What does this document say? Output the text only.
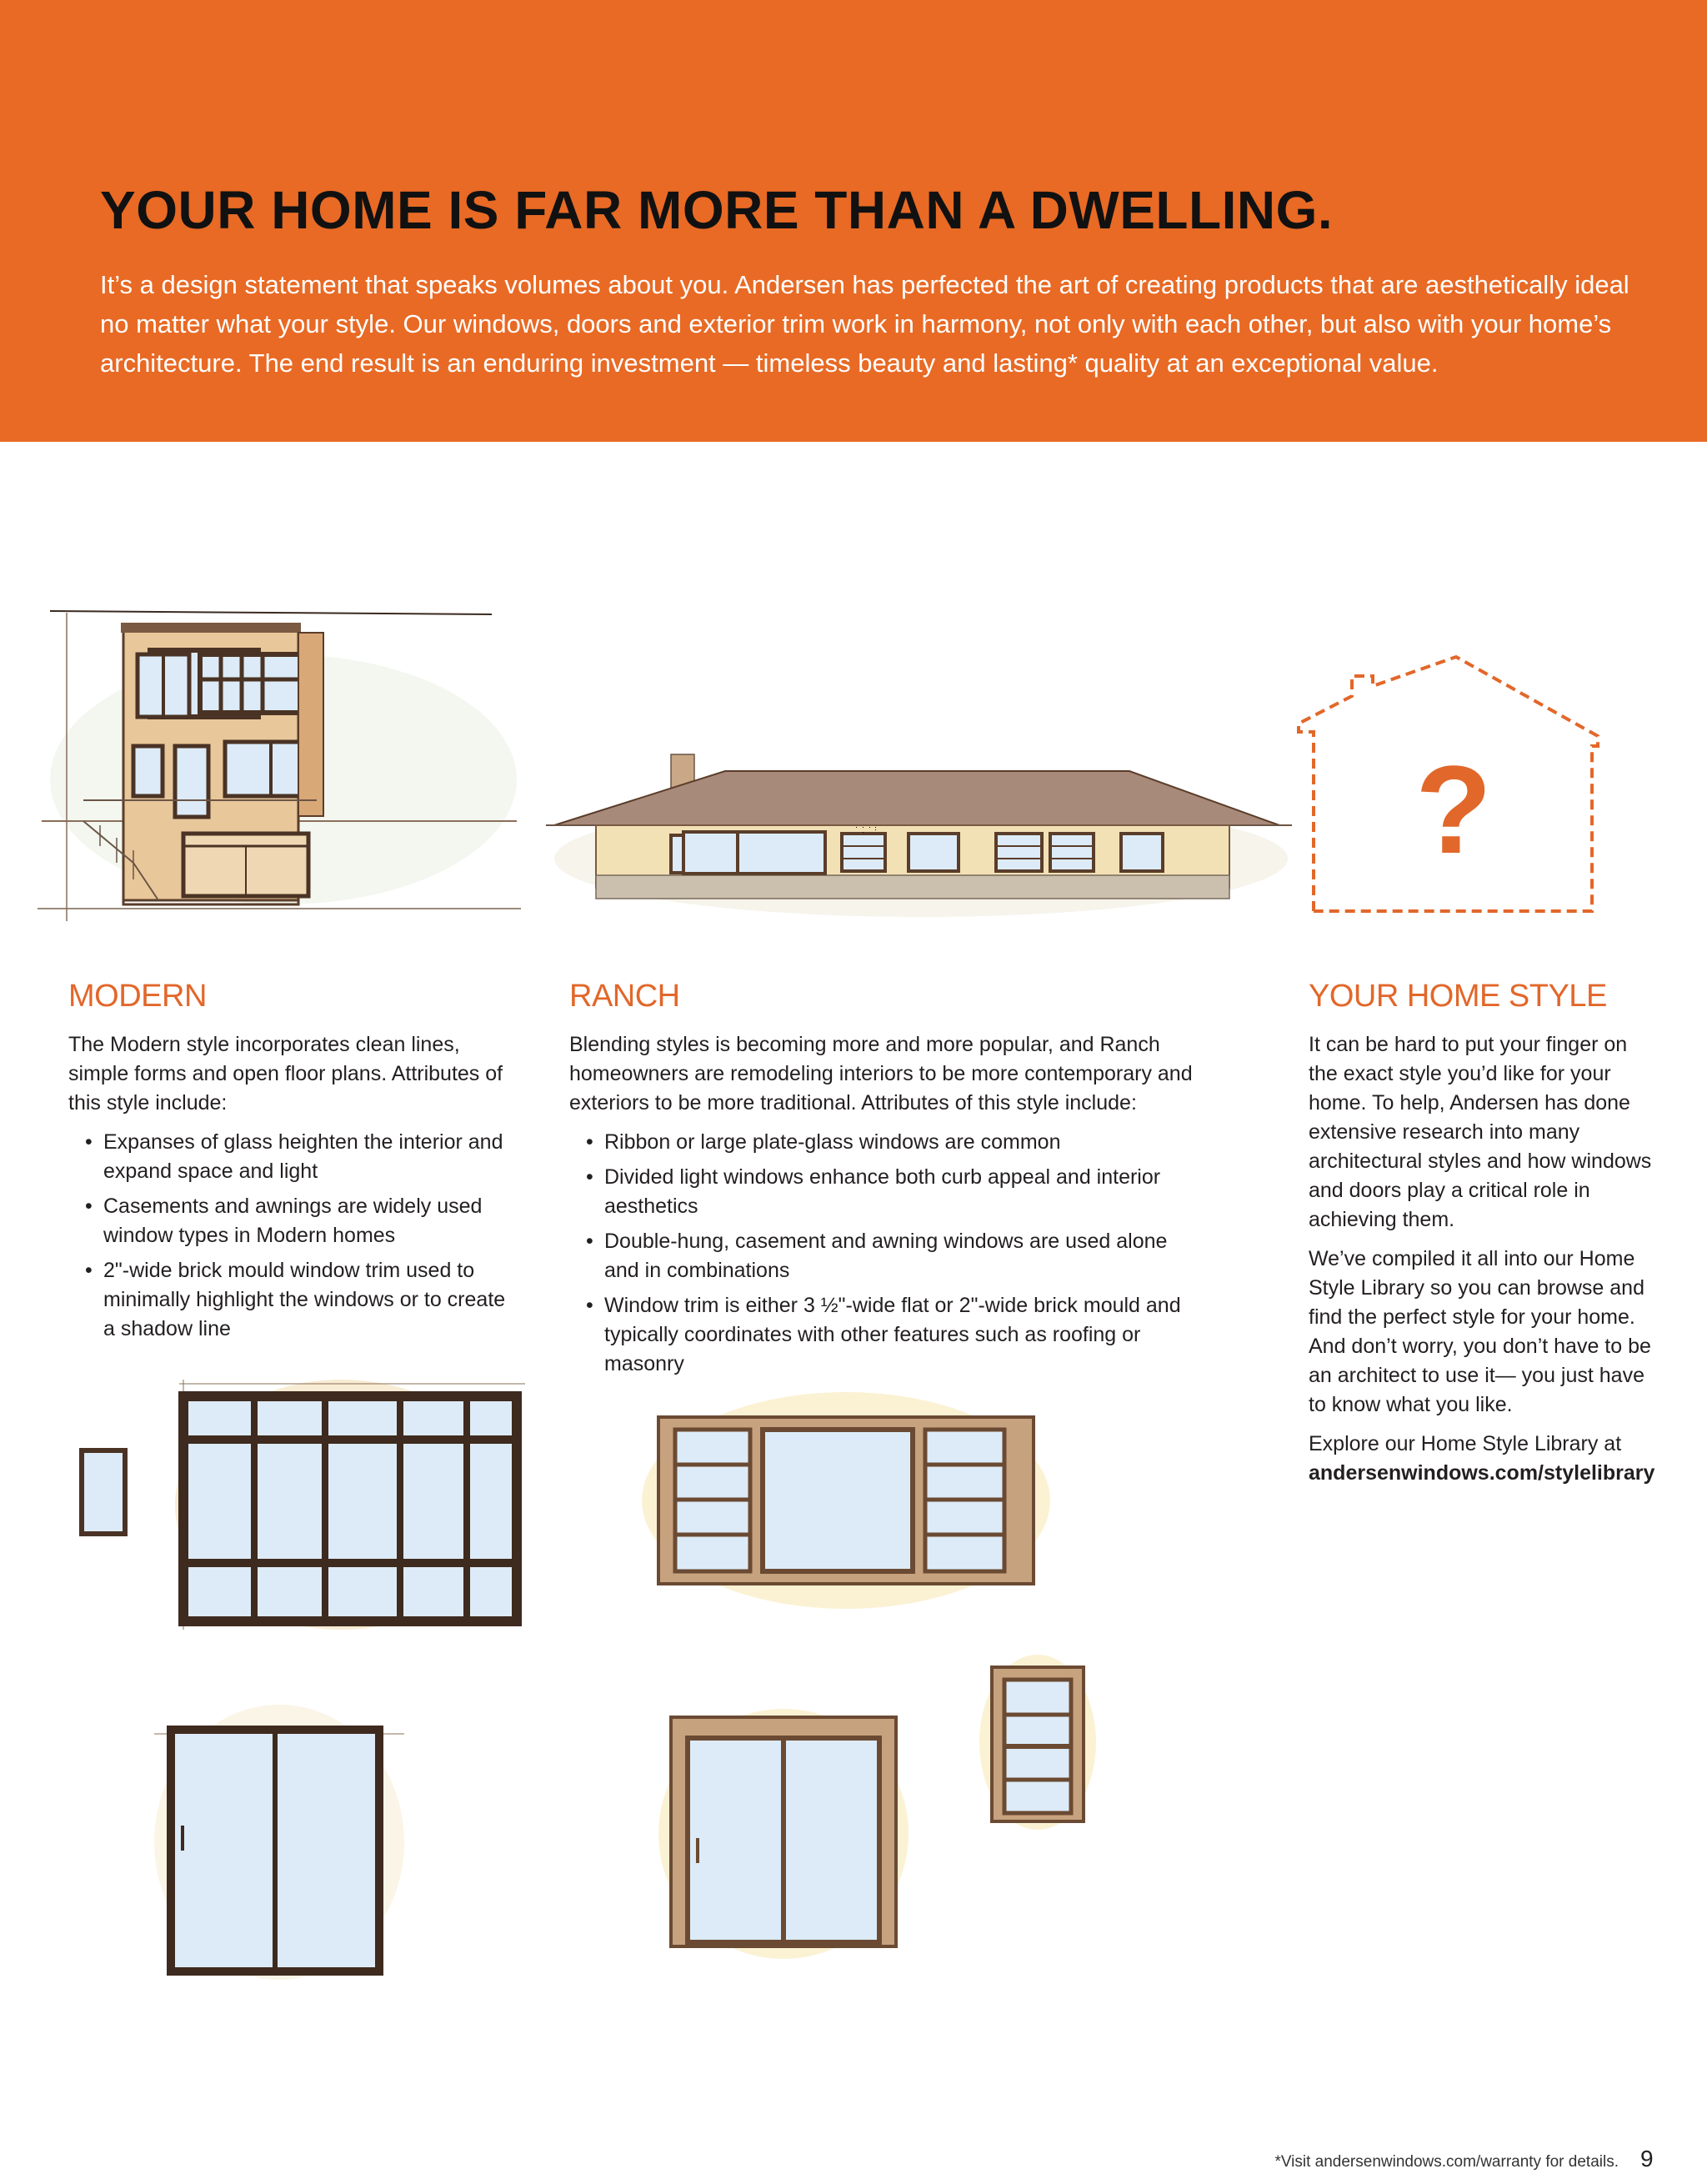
YOUR HOME IS FAR MORE THAN A DWELLING.

It’s a design statement that speaks volumes about you. Andersen has perfected the art of creating products that are aesthetically ideal no matter what your style. Our windows, doors and exterior trim work in harmony, not only with each other, but also with your home’s architecture. The end result is an enduring investment — timeless beauty and lasting* quality at an exceptional value.

?
MODERN

The Modern style incorporates clean lines, simple forms and open floor plans. Attributes of this style include:

• Expanses of glass heighten the interior and expand space and light
• Casements and awnings are widely used window types in Modern homes
• 2"-wide brick mould window trim used to minimally highlight the windows or to create a shadow line
RANCH

Blending styles is becoming more and more popular, and Ranch homeowners are remodeling interiors to be more contemporary and exteriors to be more traditional. Attributes of this style include:

• Ribbon or large plate-glass windows are common
• Divided light windows enhance both curb appeal and interior aesthetics
• Double-hung, casement and awning windows are used alone and in combinations
• Window trim is either 3 ½"-wide flat or 2"-wide brick mould and typically coordinates with other features such as roofing or masonry
YOUR HOME STYLE

It can be hard to put your finger on the exact style you’d like for your home. To help, Andersen has done extensive research into many architectural styles and how windows and doors play a critical role in achieving them.

We’ve compiled it all into our Home Style Library so you can browse and find the perfect style for your home. And don’t worry, you don’t have to be an architect to use it— you just have to know what you like.

Explore our Home Style Library at
andersenwindows.com/stylelibrary

*Visit andersenwindows.com/warranty for details. 9
